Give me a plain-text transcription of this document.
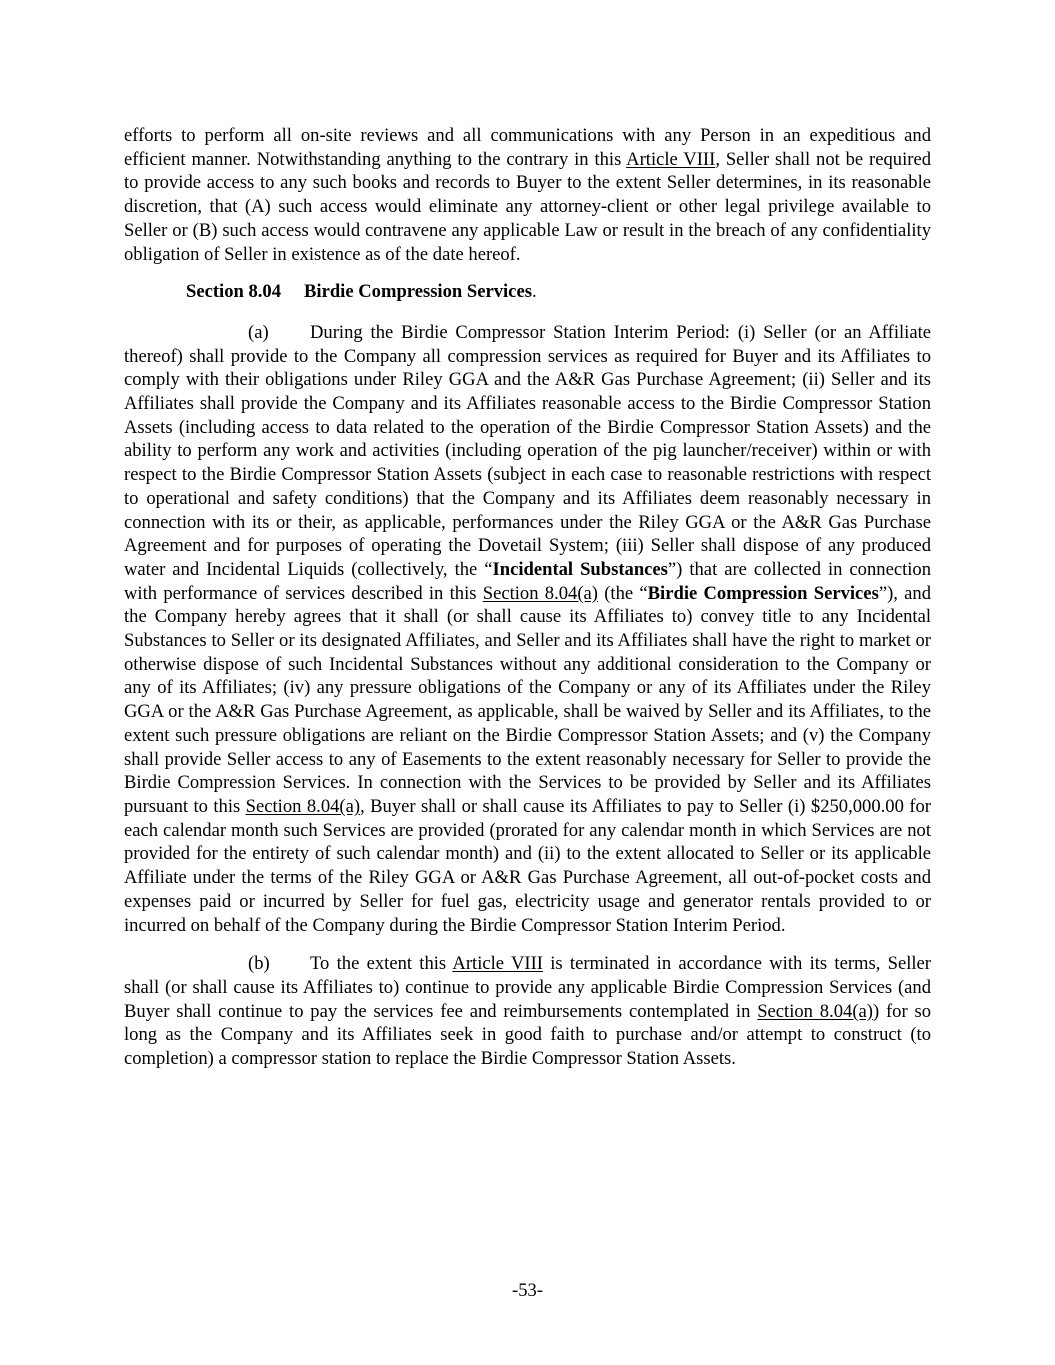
efforts to perform all on-site reviews and all communications with any Person in an expeditious and efficient manner. Notwithstanding anything to the contrary in this Article VIII, Seller shall not be required to provide access to any such books and records to Buyer to the extent Seller determines, in its reasonable discretion, that (A) such access would eliminate any attorney-client or other legal privilege available to Seller or (B) such access would contravene any applicable Law or result in the breach of any confidentiality obligation of Seller in existence as of the date hereof.

Section 8.04 Birdie Compression Services.

(a) During the Birdie Compressor Station Interim Period: (i) Seller (or an Affiliate thereof) shall provide to the Company all compression services as required for Buyer and its Affiliates to comply with their obligations under Riley GGA and the A&R Gas Purchase Agreement; (ii) Seller and its Affiliates shall provide the Company and its Affiliates reasonable access to the Birdie Compressor Station Assets (including access to data related to the operation of the Birdie Compressor Station Assets) and the ability to perform any work and activities (including operation of the pig launcher/receiver) within or with respect to the Birdie Compressor Station Assets (subject in each case to reasonable restrictions with respect to operational and safety conditions) that the Company and its Affiliates deem reasonably necessary in connection with its or their, as applicable, performances under the Riley GGA or the A&R Gas Purchase Agreement and for purposes of operating the Dovetail System; (iii) Seller shall dispose of any produced water and Incidental Liquids (collectively, the “Incidental Substances”) that are collected in connection with performance of services described in this Section 8.04(a) (the “Birdie Compression Services”), and the Company hereby agrees that it shall (or shall cause its Affiliates to) convey title to any Incidental Substances to Seller or its designated Affiliates, and Seller and its Affiliates shall have the right to market or otherwise dispose of such Incidental Substances without any additional consideration to the Company or any of its Affiliates; (iv) any pressure obligations of the Company or any of its Affiliates under the Riley GGA or the A&R Gas Purchase Agreement, as applicable, shall be waived by Seller and its Affiliates, to the extent such pressure obligations are reliant on the Birdie Compressor Station Assets; and (v) the Company shall provide Seller access to any of Easements to the extent reasonably necessary for Seller to provide the Birdie Compression Services. In connection with the Services to be provided by Seller and its Affiliates pursuant to this Section 8.04(a), Buyer shall or shall cause its Affiliates to pay to Seller (i) $250,000.00 for each calendar month such Services are provided (prorated for any calendar month in which Services are not provided for the entirety of such calendar month) and (ii) to the extent allocated to Seller or its applicable Affiliate under the terms of the Riley GGA or A&R Gas Purchase Agreement, all out-of-pocket costs and expenses paid or incurred by Seller for fuel gas, electricity usage and generator rentals provided to or incurred on behalf of the Company during the Birdie Compressor Station Interim Period.

(b) To the extent this Article VIII is terminated in accordance with its terms, Seller shall (or shall cause its Affiliates to) continue to provide any applicable Birdie Compression Services (and Buyer shall continue to pay the services fee and reimbursements contemplated in Section 8.04(a)) for so long as the Company and its Affiliates seek in good faith to purchase and/or attempt to construct (to completion) a compressor station to replace the Birdie Compressor Station Assets.

-53-
